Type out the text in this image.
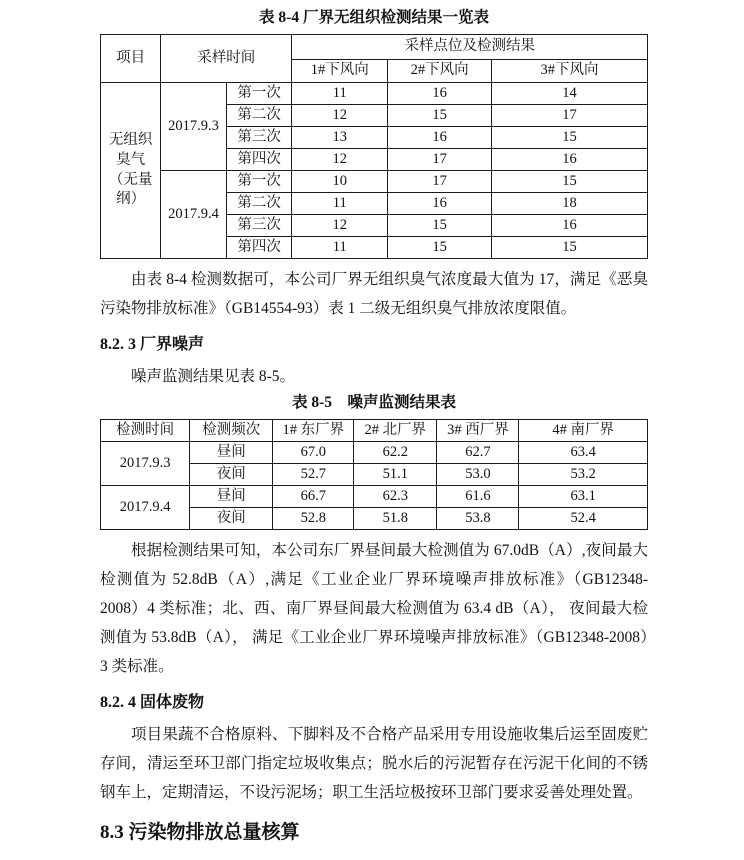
表 8-4 厂界无组织检测结果一览表
项目	采样时间		采样点位及检测结果		
			1#下风向	2#下风向	3#下风向
无组织臭气（无量纲）	2017.9.3	第一次	11	16	14
		第二次	12	15	17
		第三次	13	16	15
		第四次	12	17	16
	2017.9.4	第一次	10	17	15
		第二次	11	16	18
		第三次	12	15	16
		第四次	11	15	15

由表 8-4 检测数据可，本公司厂界无组织臭气浓度最大值为 17，满足《恶臭污染物排放标准》（GB14554-93）表 1 二级无组织臭气排放浓度限值。

8.2. 3 厂界噪声

噪声监测结果见表 8-5。

表 8-5　噪声监测结果表
检测时间	检测频次	1# 东厂界	2# 北厂界	3# 西厂界	4# 南厂界
2017.9.3	昼间	67.0	62.2	62.7	63.4
	夜间	52.7	51.1	53.0	53.2
2017.9.4	昼间	66.7	62.3	61.6	63.1
	夜间	52.8	51.8	53.8	52.4

根据检测结果可知，本公司东厂界昼间最大检测值为 67.0dB（A）,夜间最大检测值为 52.8dB（A）,满足《工业企业厂界环境噪声排放标准》（GB12348-2008）4 类标准；北、西、南厂界昼间最大检测值为 63.4 dB（A）， 夜间最大检测值为 53.8dB（A）， 满足《工业企业厂界环境噪声排放标准》（GB12348-2008）3 类标准。

8.2. 4 固体废物

项目果蔬不合格原料、下脚料及不合格产品采用专用设施收集后运至固废贮存间，清运至环卫部门指定垃圾收集点；脱水后的污泥暂存在污泥干化间的不锈钢车上，定期清运，不设污泥场；职工生活垃极按环卫部门要求妥善处理处置。

8.3 污染物排放总量核算
